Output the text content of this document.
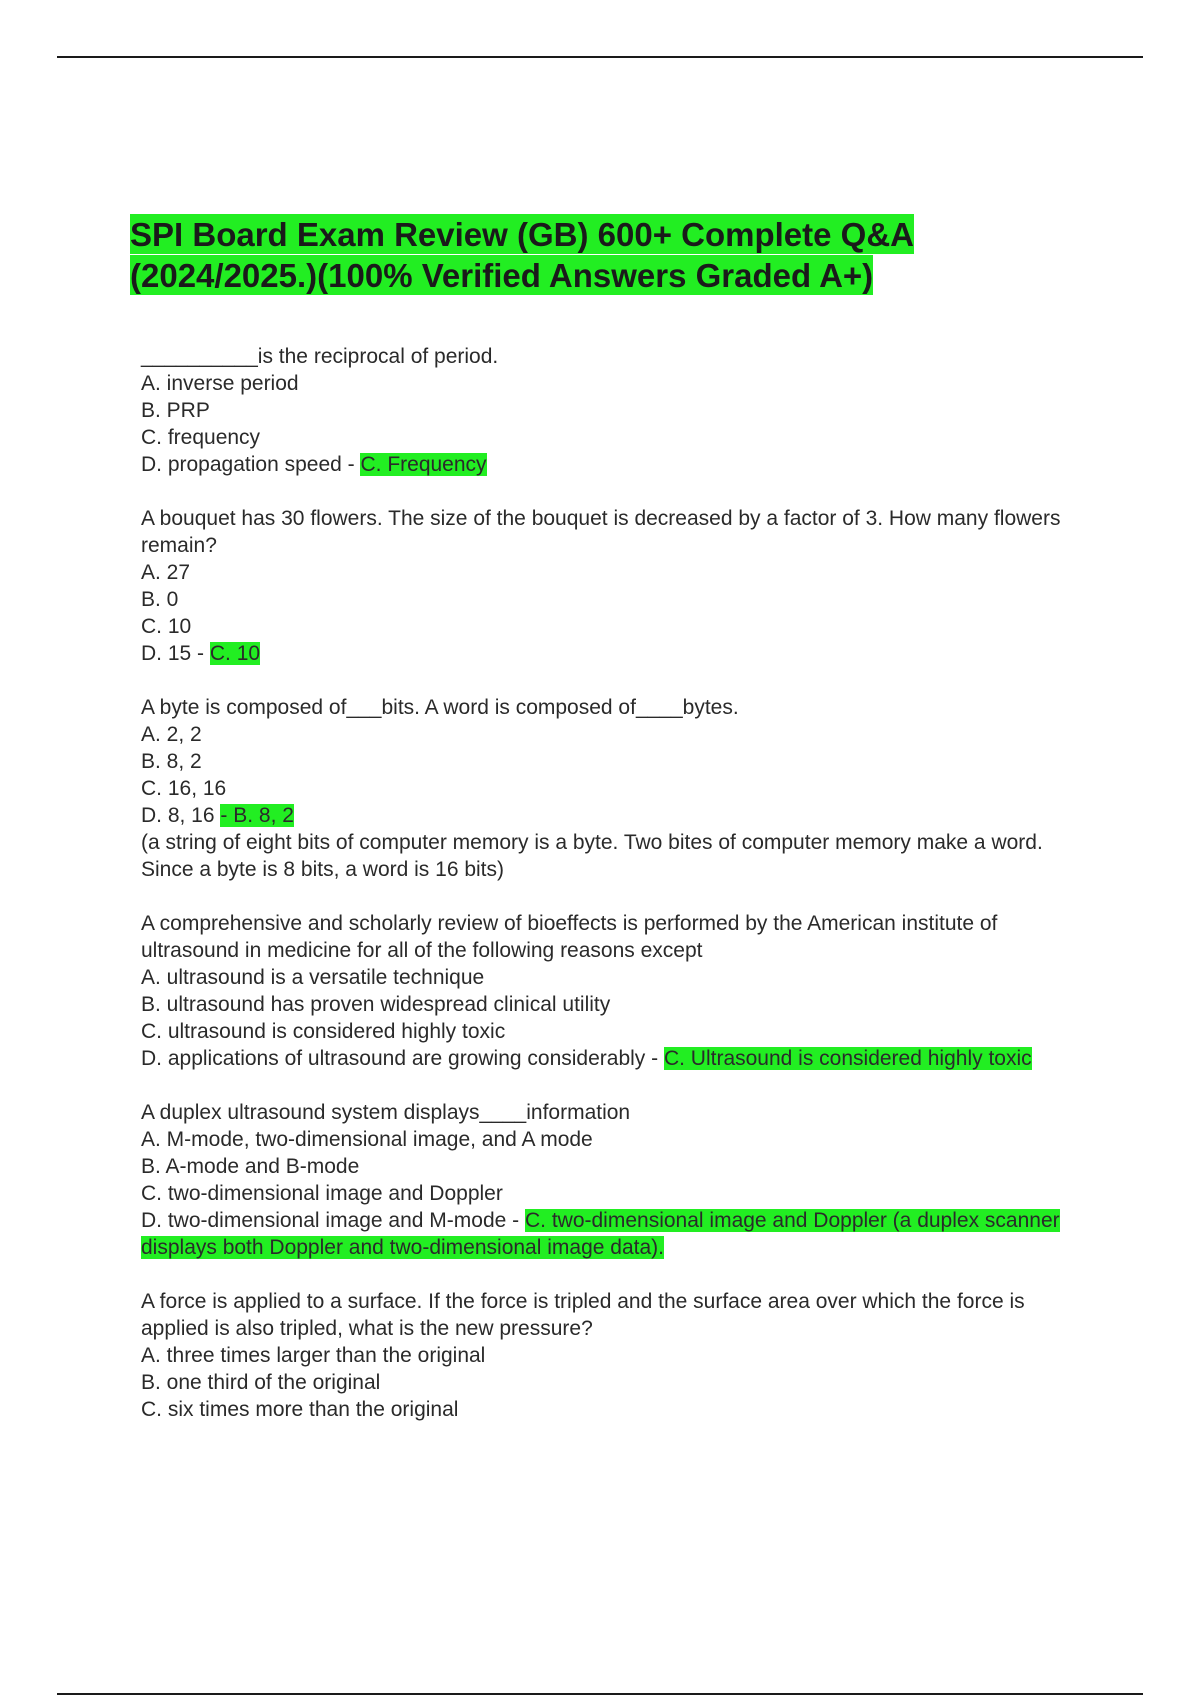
SPI Board Exam Review (GB) 600+ Complete Q&A
(2024/2025.)(100% Verified Answers Graded A+)
__________is the reciprocal of period.
A. inverse period
B. PRP
C. frequency
D. propagation speed - C. Frequency
A bouquet has 30 flowers. The size of the bouquet is decreased by a factor of 3. How many flowers remain?
A. 27
B. 0
C. 10
D. 15 - C. 10
A byte is composed of___bits. A word is composed of____bytes.
A. 2, 2
B. 8, 2
C. 16, 16
D. 8, 16 - B. 8, 2
(a string of eight bits of computer memory is a byte. Two bites of computer memory make a word. Since a byte is 8 bits, a word is 16 bits)
A comprehensive and scholarly review of bioeffects is performed by the American institute of ultrasound in medicine for all of the following reasons except
A. ultrasound is a versatile technique
B. ultrasound has proven widespread clinical utility
C. ultrasound is considered highly toxic
D. applications of ultrasound are growing considerably - C. Ultrasound is considered highly toxic
A duplex ultrasound system displays____information
A. M-mode, two-dimensional image, and A mode
B. A-mode and B-mode
C. two-dimensional image and Doppler
D. two-dimensional image and M-mode - C. two-dimensional image and Doppler (a duplex scanner displays both Doppler and two-dimensional image data).
A force is applied to a surface. If the force is tripled and the surface area over which the force is applied is also tripled, what is the new pressure?
A. three times larger than the original
B. one third of the original
C. six times more than the original
